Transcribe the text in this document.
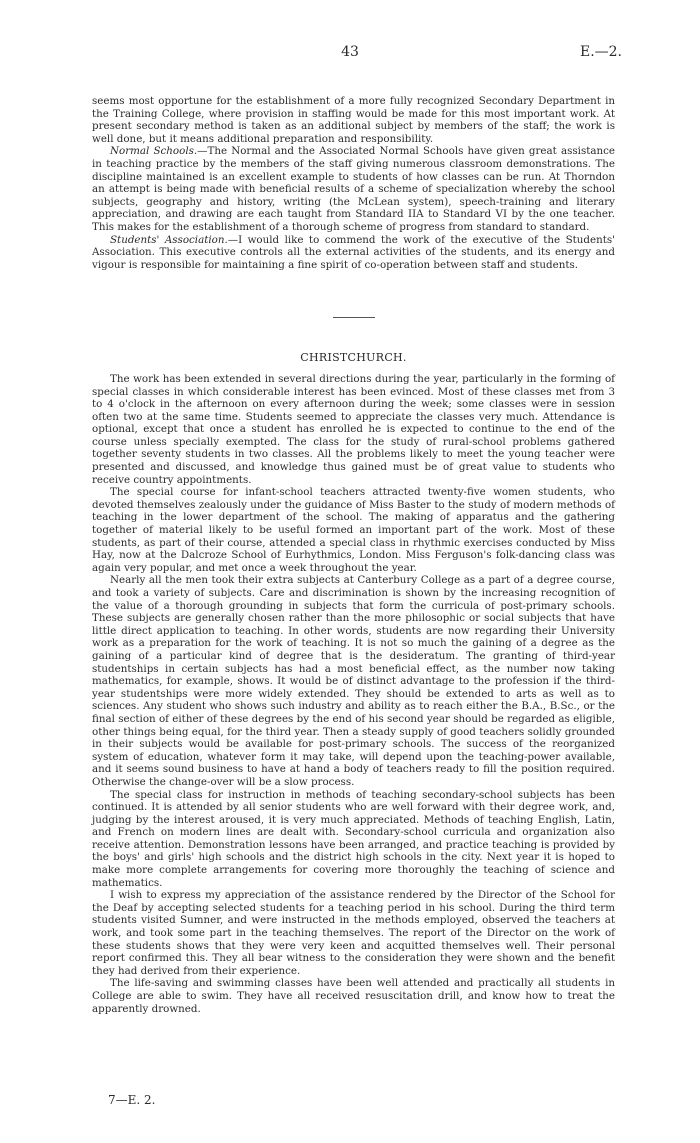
43	E.—2.

seems most opportune for the establishment of a more fully recognized Secondary Department in the Training College, where provision in staffing would be made for this most important work. At present secondary method is taken as an additional subject by members of the staff; the work is well done, but it means additional preparation and responsibility.

Normal Schools.—The Normal and the Associated Normal Schools have given great assistance in teaching practice by the members of the staff giving numerous classroom demonstrations. The discipline maintained is an excellent example to students of how classes can be run. At Thorndon an attempt is being made with beneficial results of a scheme of specialization whereby the school subjects, geography and history, writing (the McLean system), speech-training and literary appreciation, and drawing are each taught from Standard IIA to Standard VI by the one teacher. This makes for the establishment of a thorough scheme of progress from standard to standard.

Students' Association.—I would like to commend the work of the executive of the Students' Association. This executive controls all the external activities of the students, and its energy and vigour is responsible for maintaining a fine spirit of co-operation between staff and students.

CHRISTCHURCH.

The work has been extended in several directions during the year, particularly in the forming of special classes in which considerable interest has been evinced. Most of these classes met from 3 to 4 o'clock in the afternoon on every afternoon during the week; some classes were in session often two at the same time. Students seemed to appreciate the classes very much. Attendance is optional, except that once a student has enrolled he is expected to continue to the end of the course unless specially exempted. The class for the study of rural-school problems gathered together seventy students in two classes. All the problems likely to meet the young teacher were presented and discussed, and knowledge thus gained must be of great value to students who receive country appointments.

The special course for infant-school teachers attracted twenty-five women students, who devoted themselves zealously under the guidance of Miss Baster to the study of modern methods of teaching in the lower department of the school. The making of apparatus and the gathering together of material likely to be useful formed an important part of the work. Most of these students, as part of their course, attended a special class in rhythmic exercises conducted by Miss Hay, now at the Dalcroze School of Eurhythmics, London. Miss Ferguson's folk-dancing class was again very popular, and met once a week throughout the year.

Nearly all the men took their extra subjects at Canterbury College as a part of a degree course, and took a variety of subjects. Care and discrimination is shown by the increasing recognition of the value of a thorough grounding in subjects that form the curricula of post-primary schools. These subjects are generally chosen rather than the more philosophic or social subjects that have little direct application to teaching. In other words, students are now regarding their University work as a preparation for the work of teaching. It is not so much the gaining of a degree as the gaining of a particular kind of degree that is the desideratum. The granting of third-year studentships in certain subjects has had a most beneficial effect, as the number now taking mathematics, for example, shows. It would be of distinct advantage to the profession if the third-year studentships were more widely extended. They should be extended to arts as well as to sciences. Any student who shows such industry and ability as to reach either the B.A., B.Sc., or the final section of either of these degrees by the end of his second year should be regarded as eligible, other things being equal, for the third year. Then a steady supply of good teachers solidly grounded in their subjects would be available for post-primary schools. The success of the reorganized system of education, whatever form it may take, will depend upon the teaching-power available, and it seems sound business to have at hand a body of teachers ready to fill the position required. Otherwise the change-over will be a slow process.

The special class for instruction in methods of teaching secondary-school subjects has been continued. It is attended by all senior students who are well forward with their degree work, and, judging by the interest aroused, it is very much appreciated. Methods of teaching English, Latin, and French on modern lines are dealt with. Secondary-school curricula and organization also receive attention. Demonstration lessons have been arranged, and practice teaching is provided by the boys' and girls' high schools and the district high schools in the city. Next year it is hoped to make more complete arrangements for covering more thoroughly the teaching of science and mathematics.

I wish to express my appreciation of the assistance rendered by the Director of the School for the Deaf by accepting selected students for a teaching period in his school. During the third term students visited Sumner, and were instructed in the methods employed, observed the teachers at work, and took some part in the teaching themselves. The report of the Director on the work of these students shows that they were very keen and acquitted themselves well. Their personal report confirmed this. They all bear witness to the consideration they were shown and the benefit they had derived from their experience.

The life-saving and swimming classes have been well attended and practically all students in College are able to swim. They have all received resuscitation drill, and know how to treat the apparently drowned.

7—E. 2.
